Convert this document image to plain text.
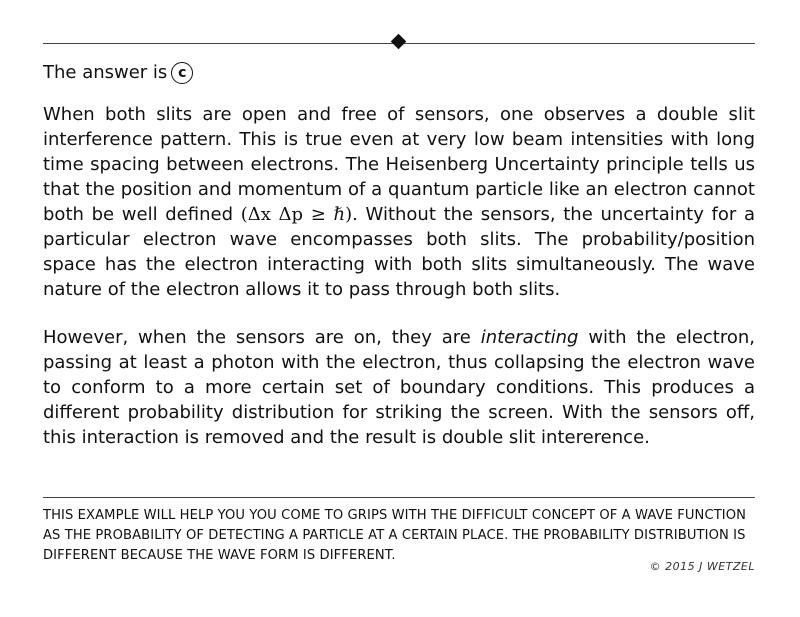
The answer is c

When both slits are open and free of sensors, one observes a double slit interference pattern. This is true even at very low beam intensities with long time spacing between electrons. The Heisenberg Uncertainty principle tells us that the position and momentum of a quantum particle like an electron cannot both be well defined (Δx Δp ≥ ℏ). Without the sensors, the uncertainty for a particular electron wave encompasses both slits. The probability/position space has the electron interacting with both slits simultaneously. The wave nature of the electron allows it to pass through both slits.

However, when the sensors are on, they are interacting with the electron, passing at least a photon with the electron, thus collapsing the electron wave to conform to a more certain set of boundary conditions. This produces a different probability distribution for striking the screen. With the sensors off, this interaction is removed and the result is double slit intererence.

THIS EXAMPLE WILL HELP YOU YOU COME TO GRIPS WITH THE DIFFICULT CONCEPT OF A WAVE FUNCTION AS THE PROBABILITY OF DETECTING A PARTICLE AT A CERTAIN PLACE. THE PROBABILITY DISTRIBUTION IS DIFFERENT BECAUSE THE WAVE FORM IS DIFFERENT.

© 2015 J WETZEL
